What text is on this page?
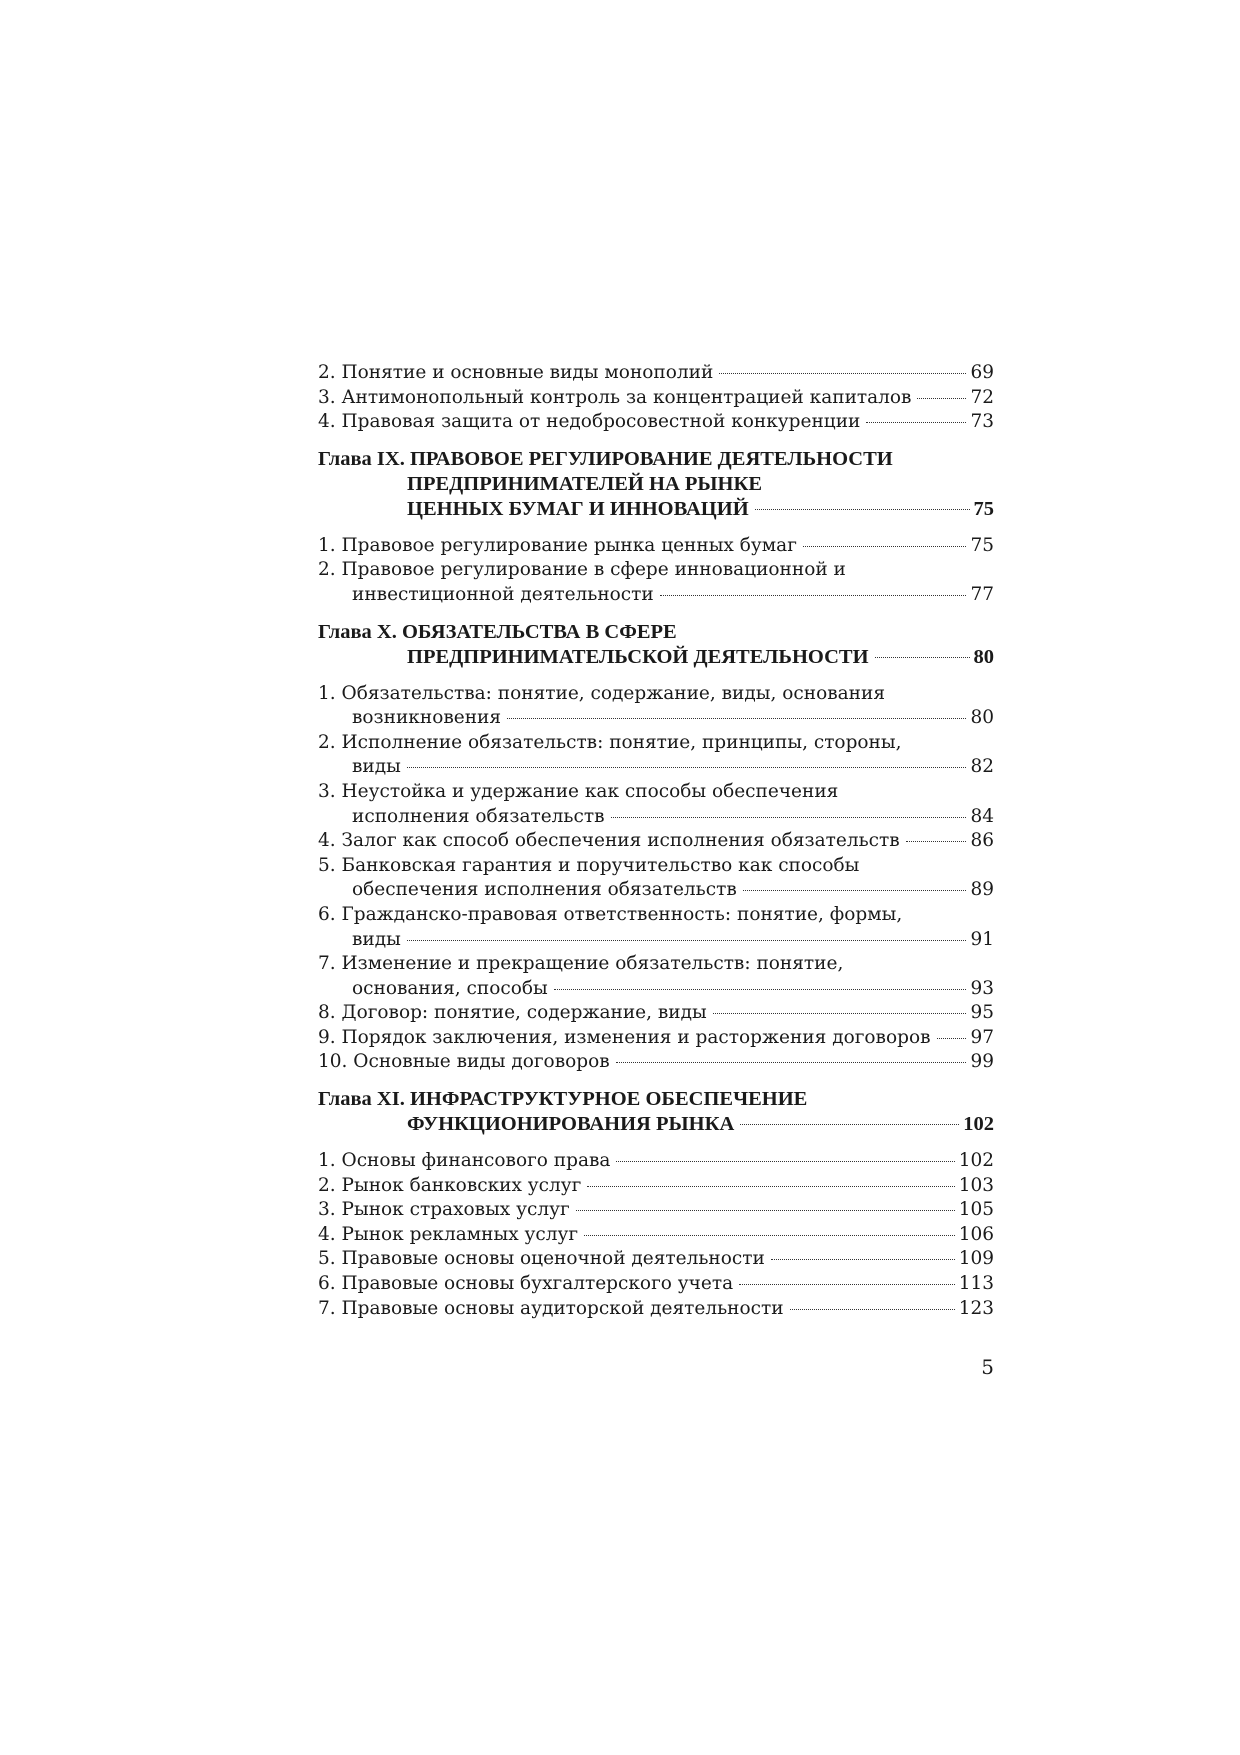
2. Понятие и основные виды монополий	69
3. Антимонопольный контроль за концентрацией капиталов	72
4. Правовая защита от недобросовестной конкуренции	73
Глава IX. ПРАВОВОЕ РЕГУЛИРОВАНИЕ ДЕЯТЕЛЬНОСТИ
ПРЕДПРИНИМАТЕЛЕЙ НА РЫНКЕ
ЦЕННЫХ БУМАГ И ИННОВАЦИЙ	75
1. Правовое регулирование рынка ценных бумаг	75
2. Правовое регулирование в сфере инновационной и
инвестиционной деятельности	77
Глава X. ОБЯЗАТЕЛЬСТВА В СФЕРЕ
ПРЕДПРИНИМАТЕЛЬСКОЙ ДЕЯТЕЛЬНОСТИ	80
1. Обязательства: понятие, содержание, виды, основания
возникновения	80
2. Исполнение обязательств: понятие, принципы, стороны,
виды	82
3. Неустойка и удержание как способы обеспечения
исполнения обязательств	84
4. Залог как способ обеспечения исполнения обязательств	86
5. Банковская гарантия и поручительство как способы
обеспечения исполнения обязательств	89
6. Гражданско-правовая ответственность: понятие, формы,
виды	91
7. Изменение и прекращение обязательств: понятие,
основания, способы	93
8. Договор: понятие, содержание, виды	95
9. Порядок заключения, изменения и расторжения договоров 97
10. Основные виды договоров	99
Глава XI. ИНФРАСТРУКТУРНОЕ ОБЕСПЕЧЕНИЕ
ФУНКЦИОНИРОВАНИЯ РЫНКА	102
1. Основы финансового права	102
2. Рынок банковских услуг	103
3. Рынок страховых услуг	105
4. Рынок рекламных услуг	106
5. Правовые основы оценочной деятельности	109
6. Правовые основы бухгалтерского учета	113
7. Правовые основы аудиторской деятельности	123
5
